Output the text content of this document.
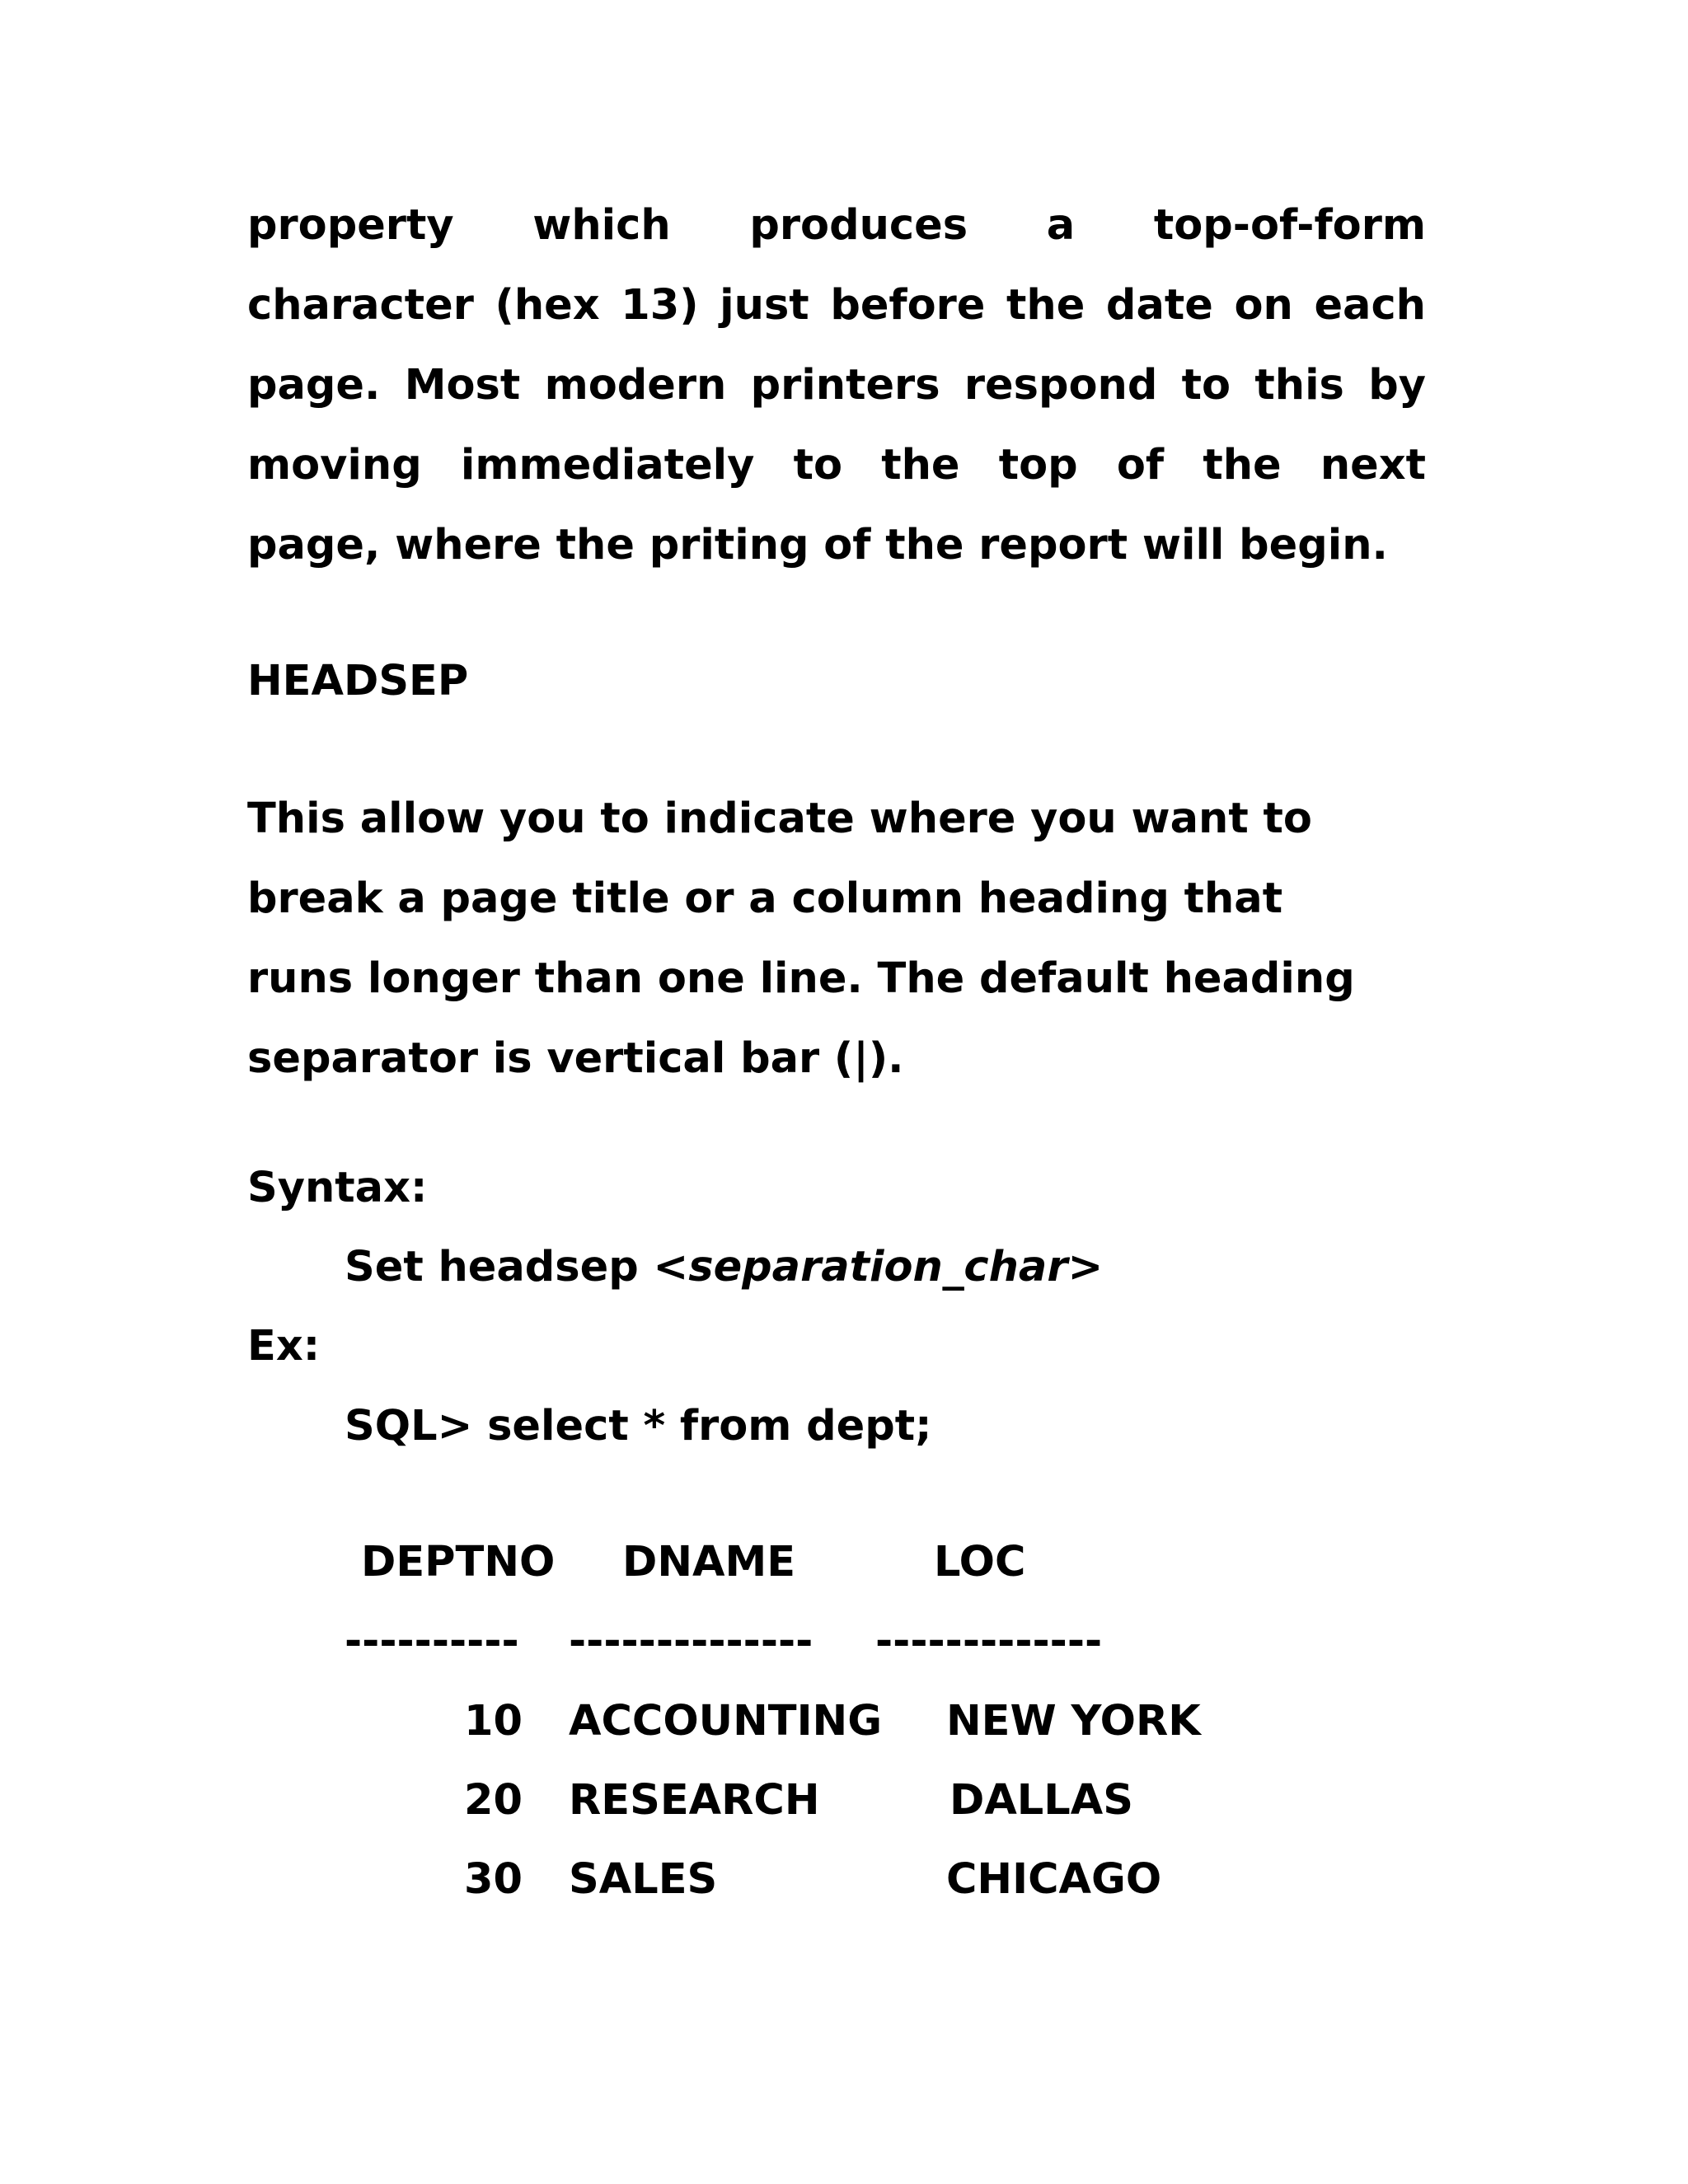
property which produces a top-of-form
character (hex 13) just before the date on each
page. Most modern printers respond to this by
moving immediately to the top of the next
page, where the priting of the report will begin.
HEADSEP
This allow you to indicate where you want to
break a page title or a column heading that
runs longer than one line. The default heading
separator is vertical bar (|).
Syntax:
Set headsep <separation_char>
Ex:
SQL> select * from dept;
DEPTNO DNAME	LOC
---------- -------------- -------------
10 ACCOUNTING NEW YORK
20 RESEARCH	DALLAS
30 SALES	CHICAGO
